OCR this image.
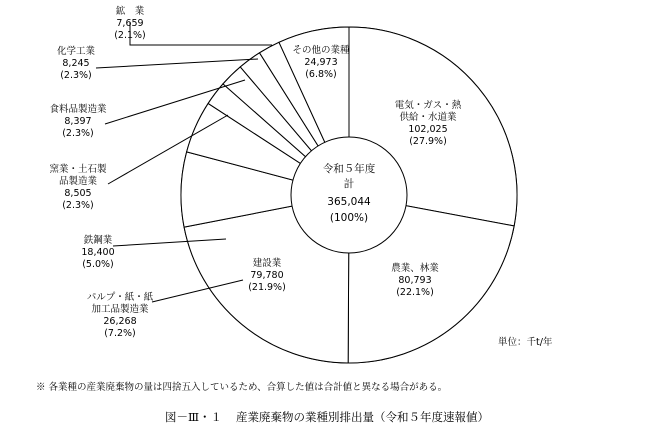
令和５年度
計
365,044
(100%)
電気・ガス・熱
供給・水道業
102,025
(27.9%)
農業、林業
80,793
(22.1%)
建設業
79,780
(21.9%)
パルプ・紙・紙
加工品製造業
26,268
(7.2%)
鉄鋼業
18,400
(5.0%)
窯業・土石製
品製造業
8,505
(2.3%)
食料品製造業
8,397
(2.3%)
化学工業
8,245
(2.3%)
鉱　業
7,659
(2.1%)
その他の業種
24,973
(6.8%)
単位：千t/年
※ 各業種の産業廃棄物の量は四捨五入しているため、合算した値は合計値と異なる場合がある。
図－Ⅲ・１ 産業廃棄物の業種別排出量（令和５年度速報値）
